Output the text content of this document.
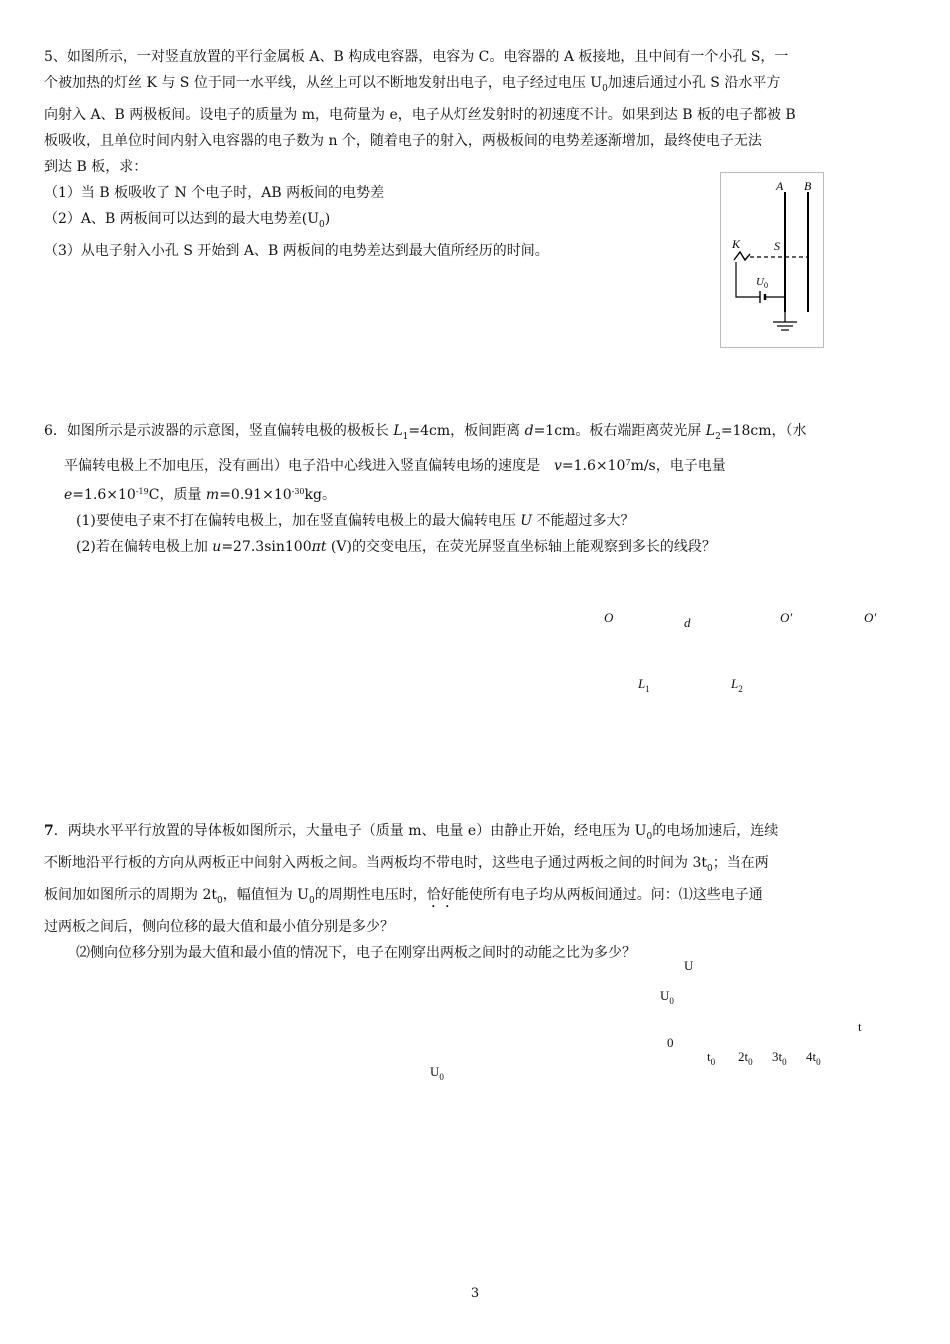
5、如图所示，一对竖直放置的平行金属板 A、B 构成电容器，电容为 C。电容器的 A 板接地，且中间有一个小孔 S，一

个被加热的灯丝 K 与 S 位于同一水平线，从丝上可以不断地发射出电子，电子经过电压 $U_0$加速后通过小孔 S 沿水平方

向射入 A、B 两极板间。设电子的质量为 m，电荷量为 e，电子从灯丝发射时的初速度不计。如果到达 B 板的电子都被 B

板吸收，且单位时间内射入电容器的电子数为 n 个，随着电子的射入，两极板间的电势差逐渐增加，最终使电子无法

到达 B 板，求：

（1）当 B 板吸收了 N 个电子时，AB 两板间的电势差

（2）A、B 两板间可以达到的最大电势差$(U_0)$

（3）从电子射入小孔 S 开始到 A、B 两板间的电势差达到最大值所经历的时间。

A B
K	S
$U_0$

6．如图所示是示波器的示意图，竖直偏转电极的极板长 $L_1=4cm$，板间距离 d=1cm。板右端距离荧光屏 $L_2=18cm$，（水

平偏转电极上不加电压，没有画出）电子沿中心线进入竖直偏转电场的速度是　$v=1.6\times 10^7m/s$，电子电量

$e=1.6\times 10^{-19}C$，质量 $m=0.91\times 10^{-30}kg$。

(1)要使电子束不打在偏转电极上，加在竖直偏转电极上的最大偏转电压 U 不能超过多大？

(2)若在偏转电极上加 u=27.3sin100πt (V)的交变电压，在荧光屏竖直坐标轴上能观察到多长的线段？

O	d	O′	O′
$L_1$	$L_2$

7．两块水平平行放置的导体板如图所示，大量电子（质量 m、电量 e）由静止开始，经电压为 $U_0$的电场加速后，连续

不断地沿平行板的方向从两板正中间射入两板之间。当两板均不带电时，这些电子通过两板之间的时间为 $3t_0$；当在两

板间加如图所示的周期为 $2t_0$，幅值恒为 $U_0$的周期性电压时，恰好能使所有电子均从两板间通过。问：⑴这些电子通

过两板之间后，侧向位移的最大值和最小值分别是多少？

⑵侧向位移分别为最大值和最小值的情况下，电子在刚穿出两板之间时的动能之比为多少？

U
$U_0$
t
0
$t_0$ $2t_0$ $3t_0$ $4t_0$
$U_0$
3
